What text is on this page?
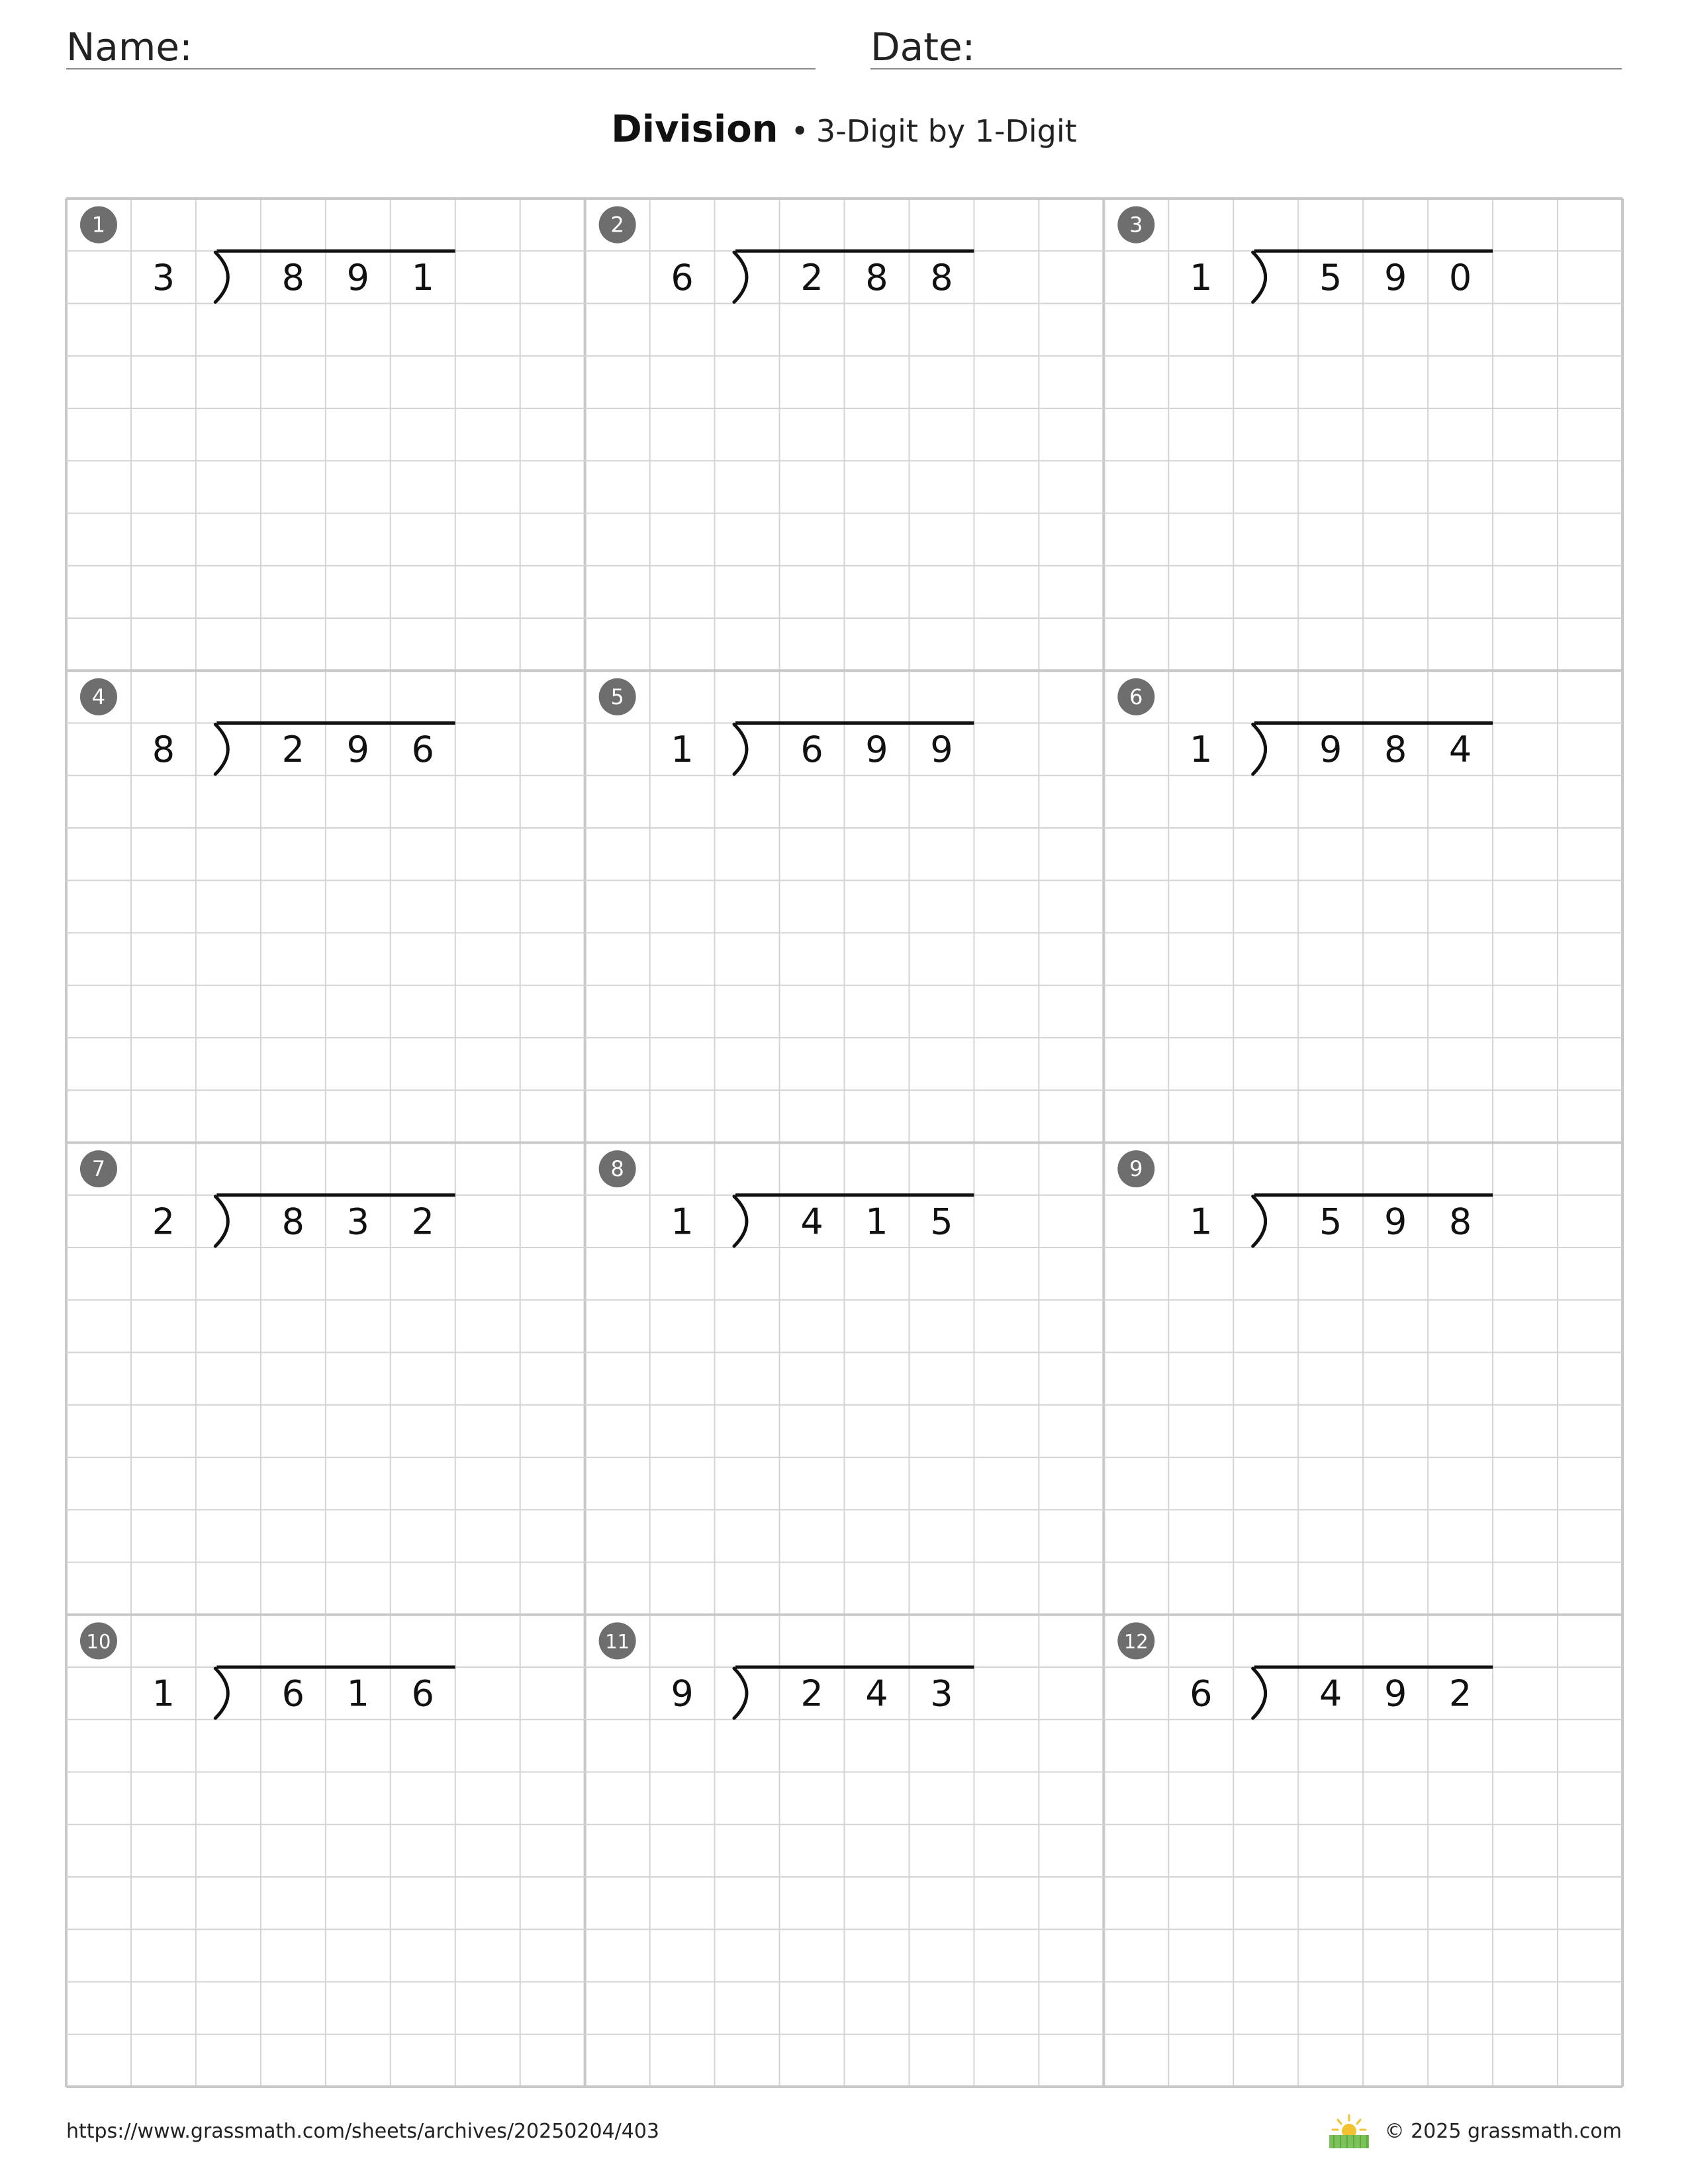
Name:	Date:
Division • 3-Digit by 1-Digit
1
3	8 9 1
2
6	2 8 8
3
1	5 9 0
4
8	2 9 6
5
1	6 9 9
6
1	9 8 4
7
2	8 3 2
8
1	4 1 5
9
1	5 9 8
10
1	6 1 6
11
9	2 4 3
12
6	4 9 2
https://www.grassmath.com/sheets/archives/20250204/403	© 2025 grassmath.com
